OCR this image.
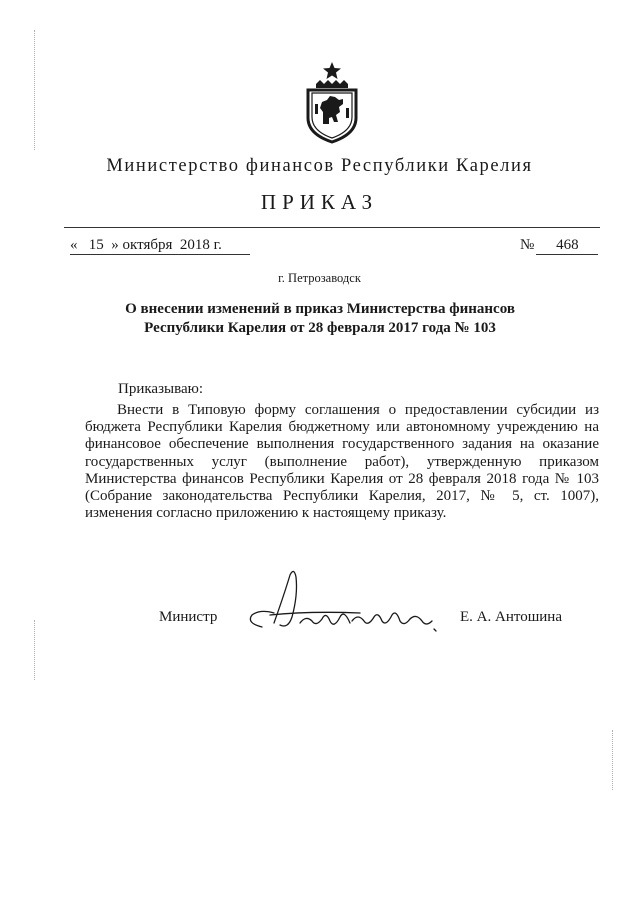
Министерство финансов Республики Карелия
ПРИКАЗ
« 15 » октября 2018 г.	№ 468
г. Петрозаводск
О внесении изменений в приказ Министерства финансов
Республики Карелия от 28 февраля 2017 года № 103
Приказываю:
Внести в Типовую форму соглашения о предоставлении субсидии из бюджета Республики Карелия бюджетному или автономному учреждению на финансовое обеспечение выполнения государственного задания на оказание государственных услуг (выполнение работ), утвержденную приказом Министерства финансов Республики Карелия от 28 февраля 2018 года № 103 (Собрание законодательства Республики Карелия, 2017, № 5, ст. 1007), изменения согласно приложению к настоящему приказу.
Министр	Е. А. Антошина
